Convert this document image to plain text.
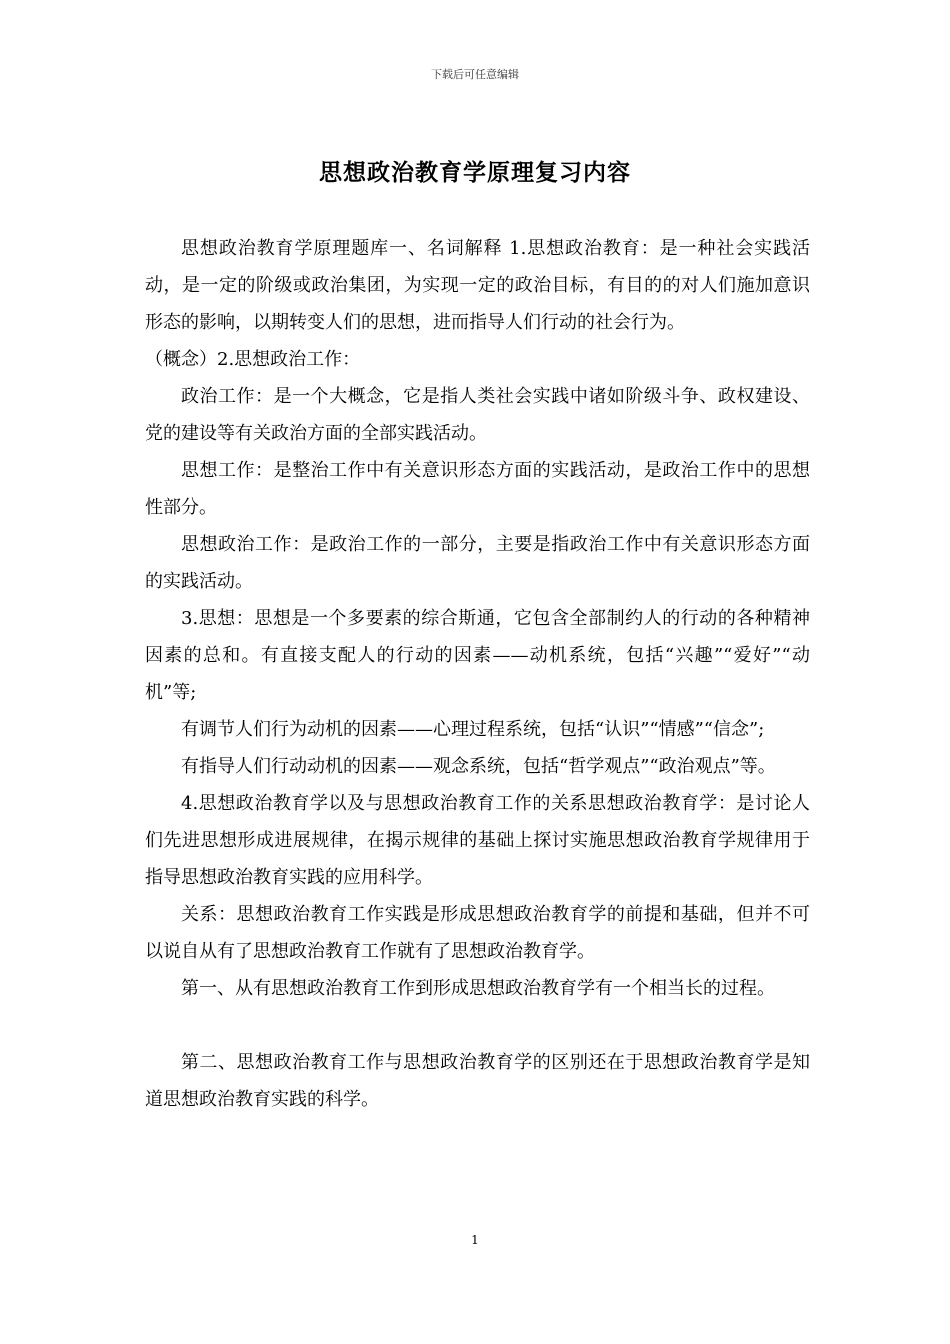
下载后可任意编辑
思想政治教育学原理复习内容

思想政治教育学原理题库一、名词解释 1.思想政治教育：是一种社会实践活动，是一定的阶级或政治集团，为实现一定的政治目标，有目的的对人们施加意识形态的影响，以期转变人们的思想，进而指导人们行动的社会行为。

（概念）2.思想政治工作：

政治工作：是一个大概念，它是指人类社会实践中诸如阶级斗争、政权建设、党的建设等有关政治方面的全部实践活动。

思想工作：是整治工作中有关意识形态方面的实践活动，是政治工作中的思想性部分。

思想政治工作：是政治工作的一部分，主要是指政治工作中有关意识形态方面的实践活动。

3.思想：思想是一个多要素的综合斯通，它包含全部制约人的行动的各种精神因素的总和。有直接支配人的行动的因素——动机系统，包括“兴趣”“爱好”“动机”等;

有调节人们行为动机的因素——心理过程系统，包括“认识”“情感”“信念”;

有指导人们行动动机的因素——观念系统，包括“哲学观点”“政治观点”等。

4.思想政治教育学以及与思想政治教育工作的关系思想政治教育学：是讨论人们先进思想形成进展规律，在揭示规律的基础上探讨实施思想政治教育学规律用于指导思想政治教育实践的应用科学。

关系：思想政治教育工作实践是形成思想政治教育学的前提和基础，但并不可以说自从有了思想政治教育工作就有了思想政治教育学。

第一、从有思想政治教育工作到形成思想政治教育学有一个相当长的过程。

第二、思想政治教育工作与思想政治教育学的区别还在于思想政治教育学是知道思想政治教育实践的科学。

1
